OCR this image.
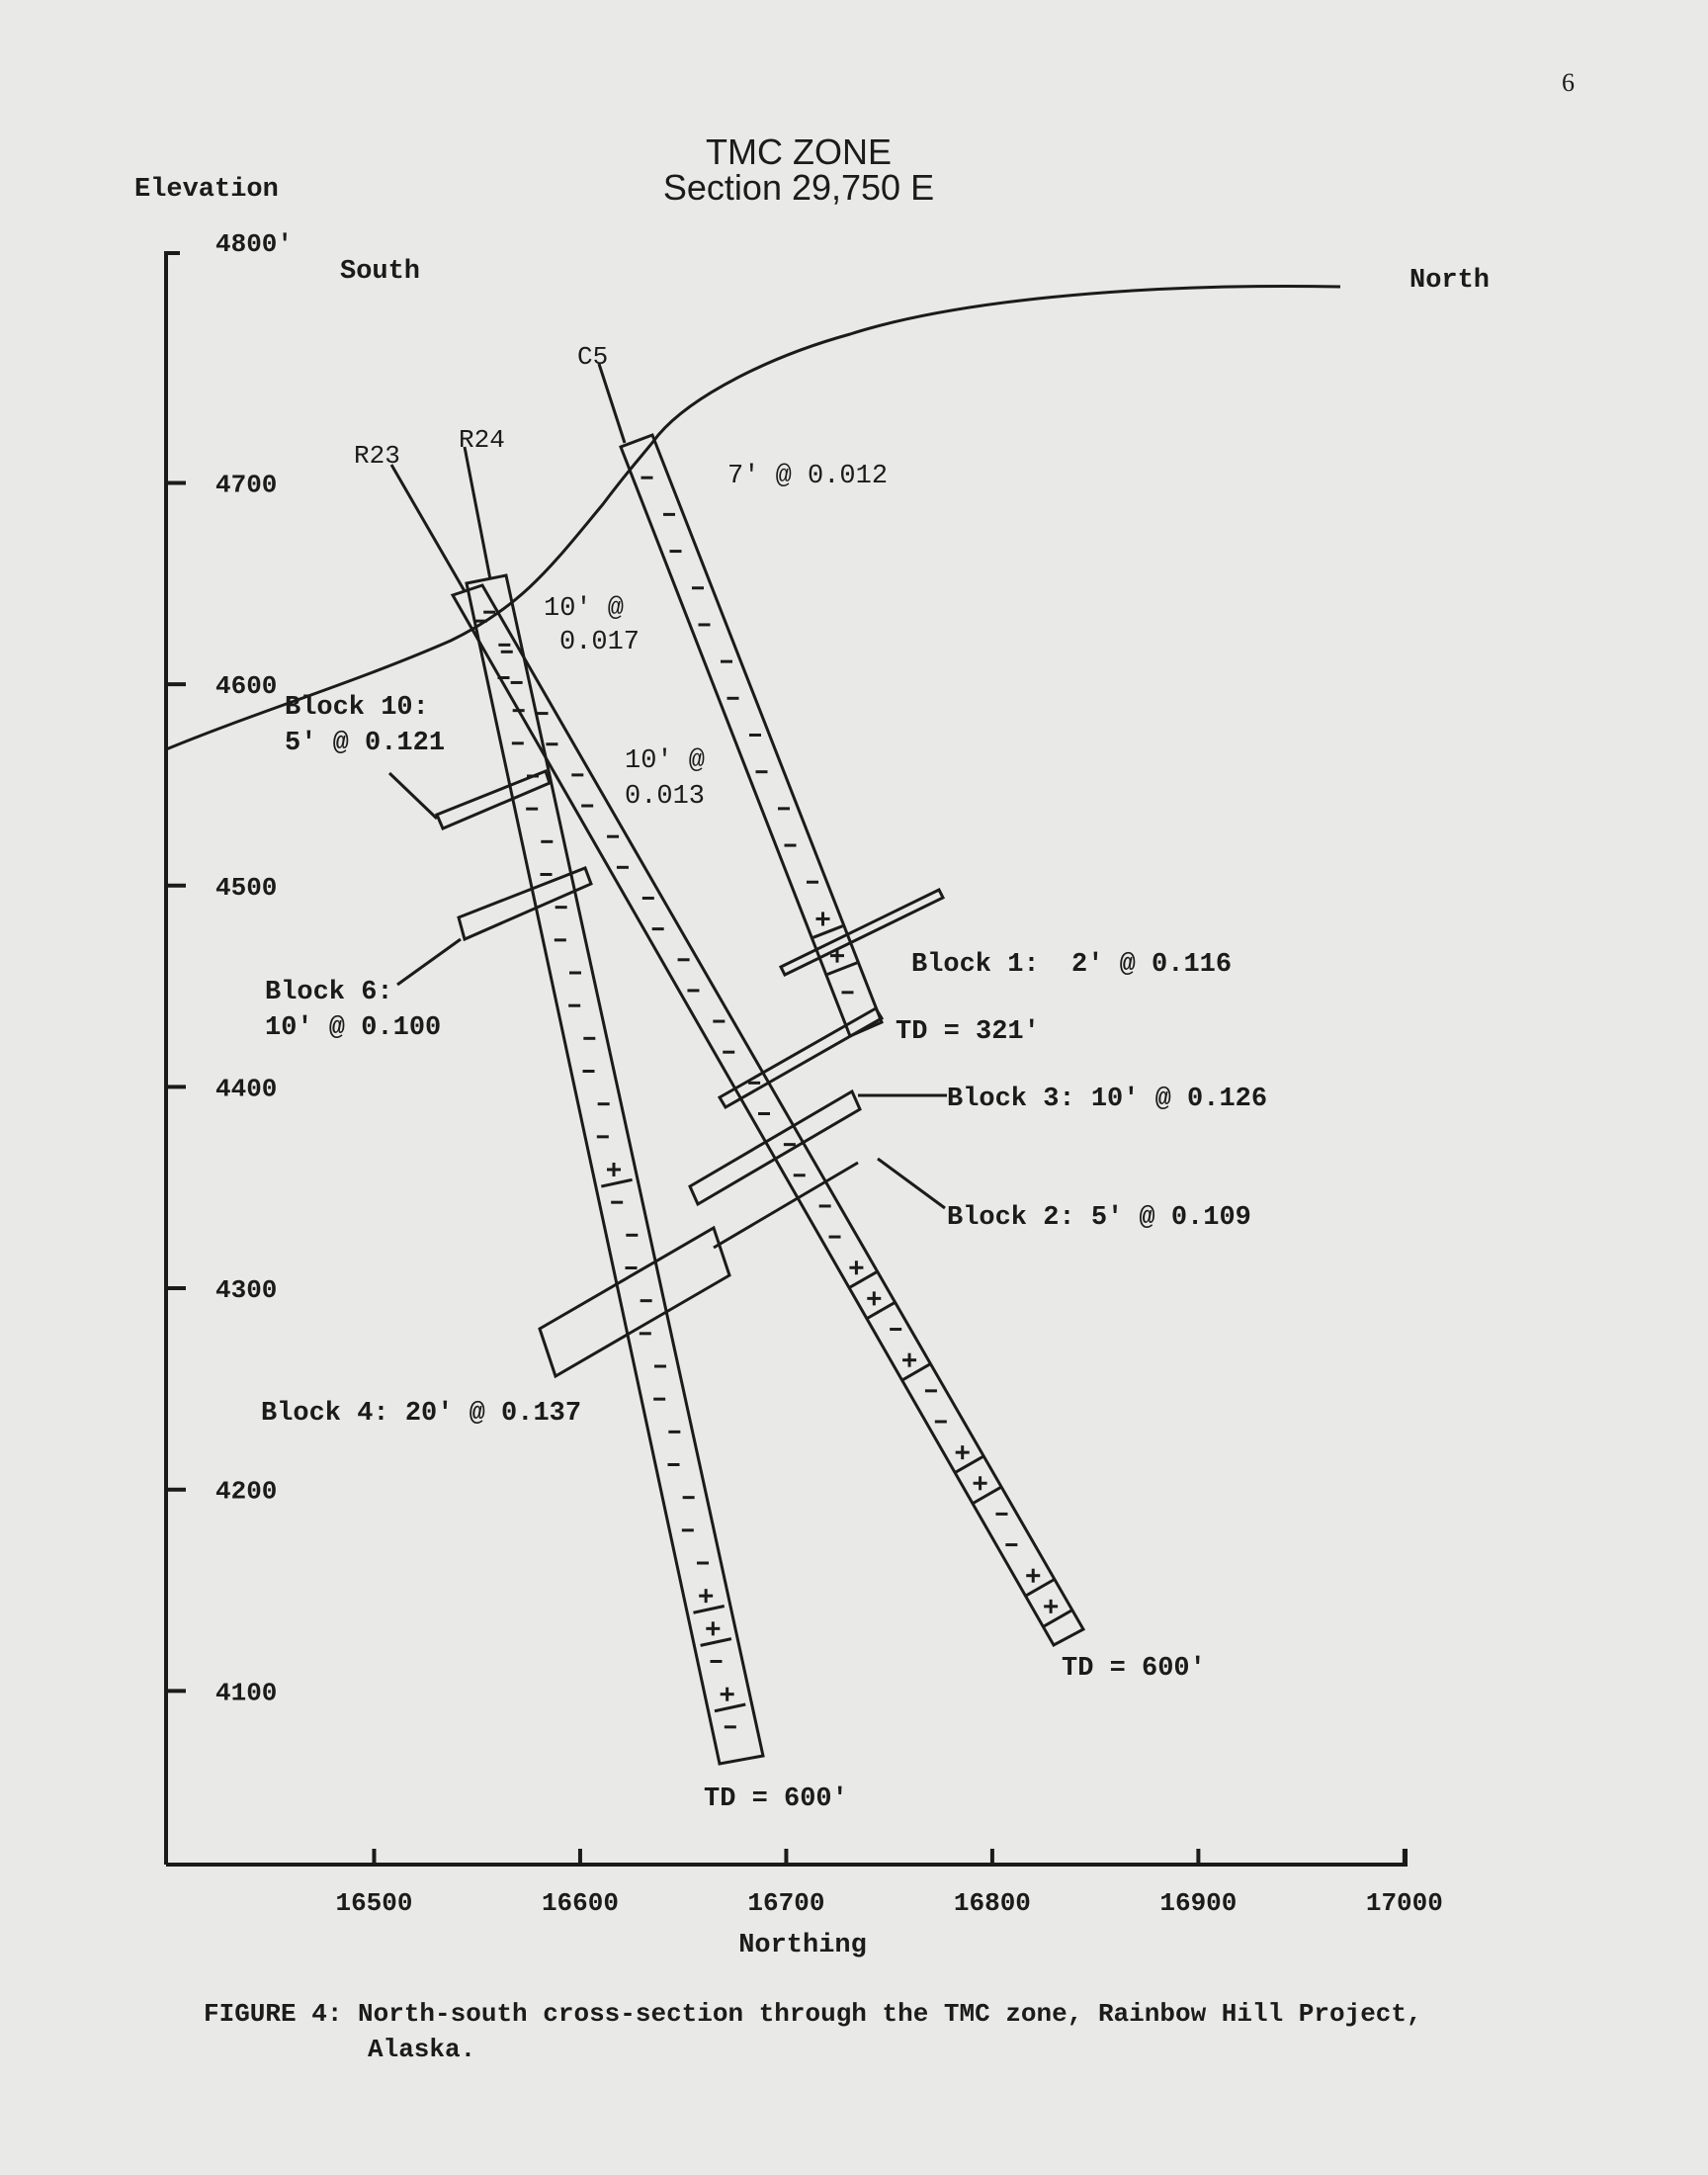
6
TMC ZONE
Section 29,750 E
Elevation
Northing
4800'
South	North
4100
4200
4300
4400
4500
4600
4700
16500	16600	16700	16800	16900	17000
C5
R23
R24
TD = 321'
TD = 600'
TD = 600'
7' @ 0.012
10' @
0.017
10' @
0.013
Block 1:  2' @ 0.116
Block 2: 5' @ 0.109
Block 3: 10' @ 0.126
Block 4: 20' @ 0.137
Block 6:
10' @ 0.100
Block 10:
5' @ 0.121
FIGURE 4: North-south cross-section through the TMC zone, Rainbow Hill Project,
Alaska.
